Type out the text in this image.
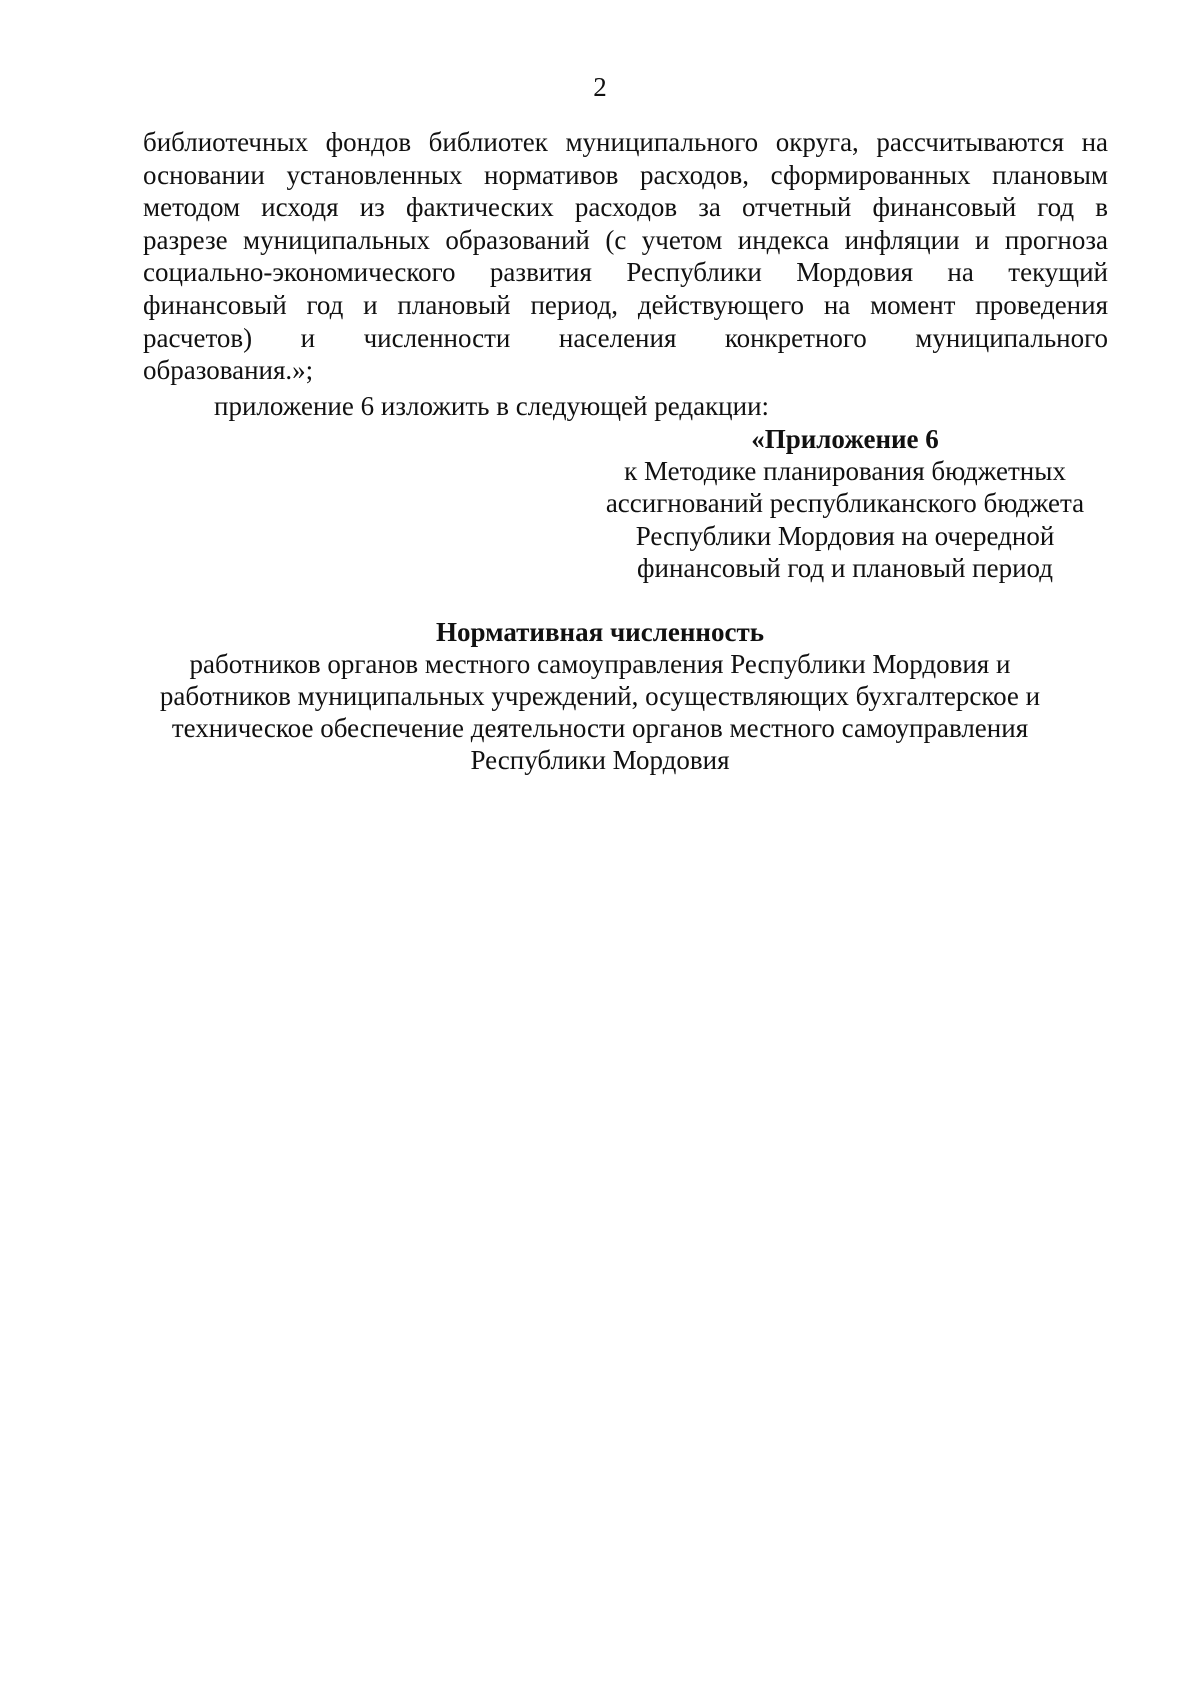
2
библиотечных фондов библиотек муниципального округа, рассчитываются на
основании установленных нормативов расходов, сформированных плановым
методом исходя из фактических расходов за отчетный финансовый год в
разрезе муниципальных образований (с учетом индекса инфляции и прогноза
социально-экономического развития Республики Мордовия на текущий
финансовый год и плановый период, действующего на момент проведения
расчетов) и численности населения конкретного муниципального
образования.»;
приложение 6 изложить в следующей редакции:
«Приложение 6
к Методике планирования бюджетных
ассигнований республиканского бюджета
Республики Мордовия на очередной
финансовый год и плановый период
Нормативная численность
работников органов местного самоуправления Республики Мордовия и
работников муниципальных учреждений, осуществляющих бухгалтерское и
техническое обеспечение деятельности органов местного самоуправления
Республики Мордовия
